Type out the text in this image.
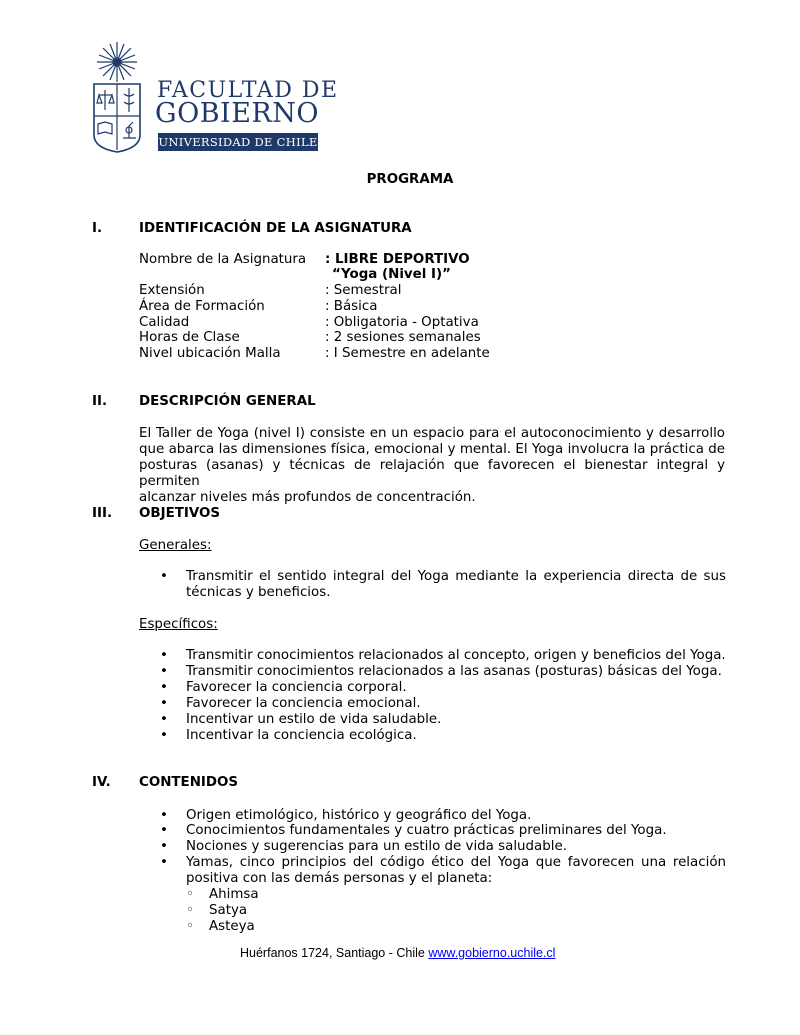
FACULTAD DE
GOBIERNO
UNIVERSIDAD DE CHILE
PROGRAMA
I.	IDENTIFICACIÓN DE LA ASIGNATURA
Nombre de la Asignatura : LIBRE DEPORTIVO
“Yoga (Nivel I)”
Extensión	: Semestral
Área de Formación	: Básica
Calidad	: Obligatoria - Optativa
Horas de Clase	: 2 sesiones semanales
Nivel ubicación Malla	: I Semestre en adelante
II. DESCRIPCIÓN GENERAL
El Taller de Yoga (nivel I) consiste en un espacio para el autoconocimiento y desarrollo
que abarca las dimensiones física, emocional y mental. El Yoga involucra la práctica de
posturas (asanas) y técnicas de relajación que favorecen el bienestar integral y permiten
alcanzar niveles más profundos de concentración.
III. OBJETIVOS
Generales:
• Transmitir el sentido integral del Yoga mediante la experiencia directa de sus
técnicas y beneficios.
Específicos:
• Transmitir conocimientos relacionados al concepto, origen y beneficios del Yoga.
• Transmitir conocimientos relacionados a las asanas (posturas) básicas del Yoga.
• Favorecer la conciencia corporal.
• Favorecer la conciencia emocional.
• Incentivar un estilo de vida saludable.
• Incentivar la conciencia ecológica.
IV. CONTENIDOS
• Origen etimológico, histórico y geográfico del Yoga.
• Conocimientos fundamentales y cuatro prácticas preliminares del Yoga.
• Nociones y sugerencias para un estilo de vida saludable.
• Yamas, cinco principios del código ético del Yoga que favorecen una relación
positiva con las demás personas y el planeta:
◦ Ahimsa
◦ Satya
◦ Asteya
Huérfanos 1724, Santiago - Chile www.gobierno.uchile.cl
